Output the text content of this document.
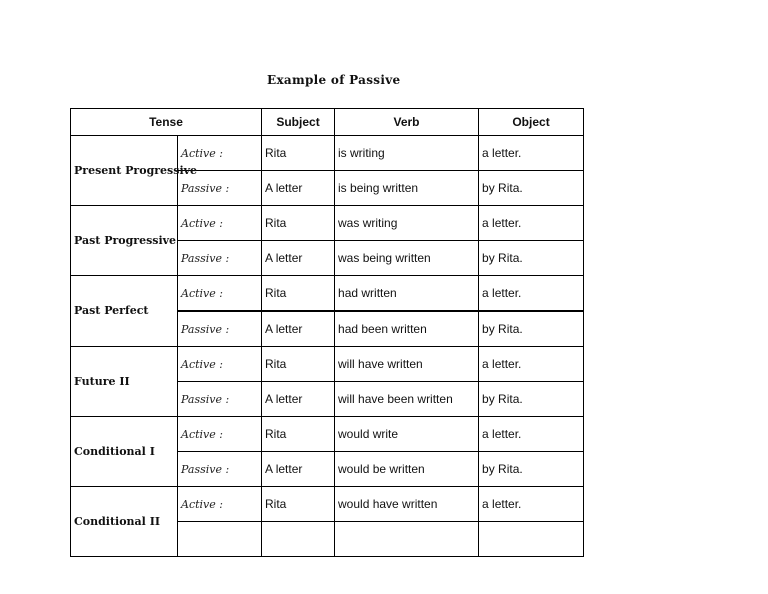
Example of Passive
Tense		Subject	Verb	Object
Present Progressive	Active :	Rita	is writing	a letter.
	Passive :	A letter	is being written	by Rita.
Past Progressive	Active :	Rita	was writing	a letter.
	Passive :	A letter	was being written	by Rita.
Past Perfect	Active :	Rita	had written	a letter.
	Passive :	A letter	had been written	by Rita.
Future II	Active :	Rita	will have written	a letter.
	Passive :	A letter	will have been written	by Rita.
Conditional I	Active :	Rita	would write	a letter.
	Passive :	A letter	would be written	by Rita.
Conditional II	Active :	Rita	would have written	a letter.
